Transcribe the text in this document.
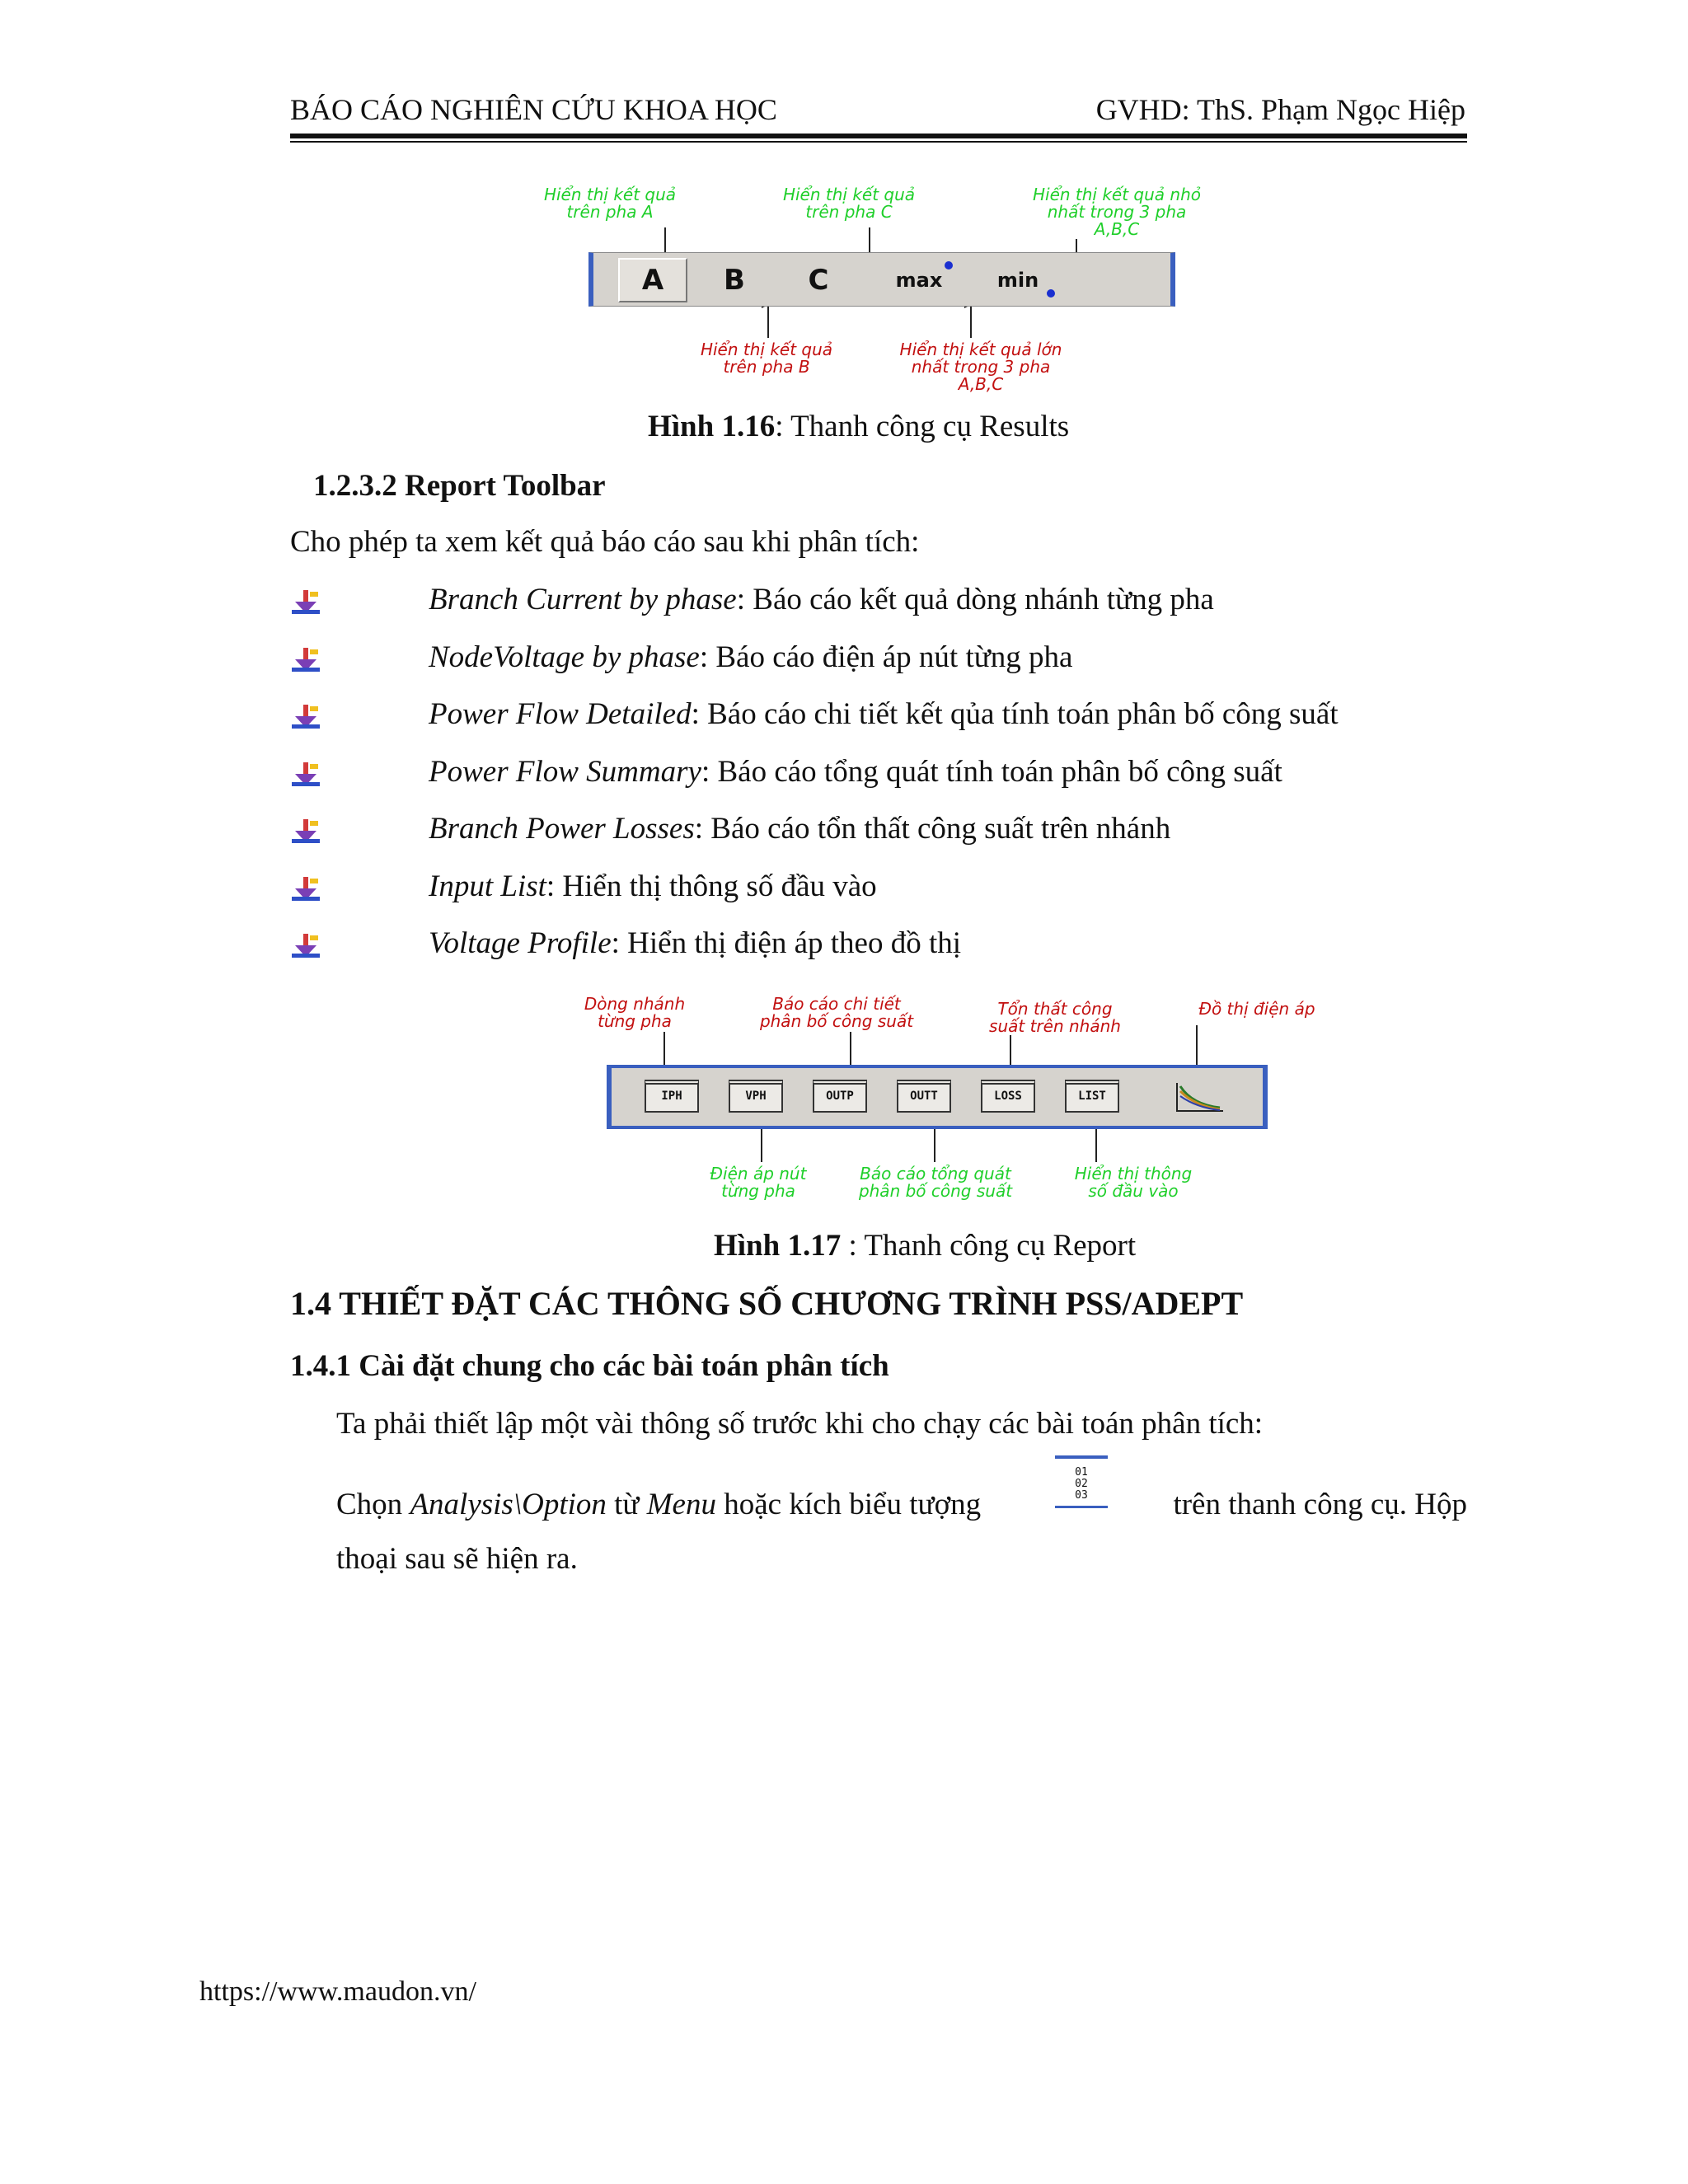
BÁO CÁO NGHIÊN CỨU KHOA HỌC	GVHD: ThS. Phạm Ngọc Hiệp
Hiển thị kết quả
trên pha A
Hiển thị kết quả
trên pha C
Hiển thị kết quả nhỏ
nhất trong 3 pha
A,B,C
A	B	C	max	min
Hiển thị kết quả
trên pha B
Hiển thị kết quả lớn
nhất trong 3 pha
A,B,C
Hình 1.16: Thanh công cụ Results
1.2.3.2 Report Toolbar
Cho phép ta xem kết quả báo cáo sau khi phân tích:
Branch Current by phase: Báo cáo kết quả dòng nhánh từng pha
NodeVoltage by phase: Báo cáo điện áp nút từng pha
Power Flow Detailed: Báo cáo chi tiết kết qủa tính toán phân bố công suất
Power Flow Summary: Báo cáo tổng quát tính toán phân bố công suất
Branch Power Losses: Báo cáo tổn thất công suất trên nhánh
Input List: Hiển thị thông số đầu vào
Voltage Profile: Hiển thị điện áp theo đồ thị
Dòng nhánh
từng pha
Báo cáo chi tiết
phân bố công suất
Tổn thất công
suất trên nhánh
Đồ thị điện áp
IPH	VPH	OUTP	OUTT	LOSS	LIST
Điện áp nút
từng pha
Báo cáo tổng quát
phân bố công suất
Hiển thị thông
số đầu vào
Hình 1.17 : Thanh công cụ Report
1.4 THIẾT ĐẶT CÁC THÔNG SỐ CHƯƠNG TRÌNH PSS/ADEPT
1.4.1 Cài đặt chung cho các bài toán phân tích
Ta phải thiết lập một vài thông số trước khi cho chạy các bài toán phân tích:
Chọn Analysis\Option từ Menu hoặc kích biểu tượng
01
02
03	trên thanh công cụ. Hộp
thoại sau sẽ hiện ra.
https://www.maudon.vn/
